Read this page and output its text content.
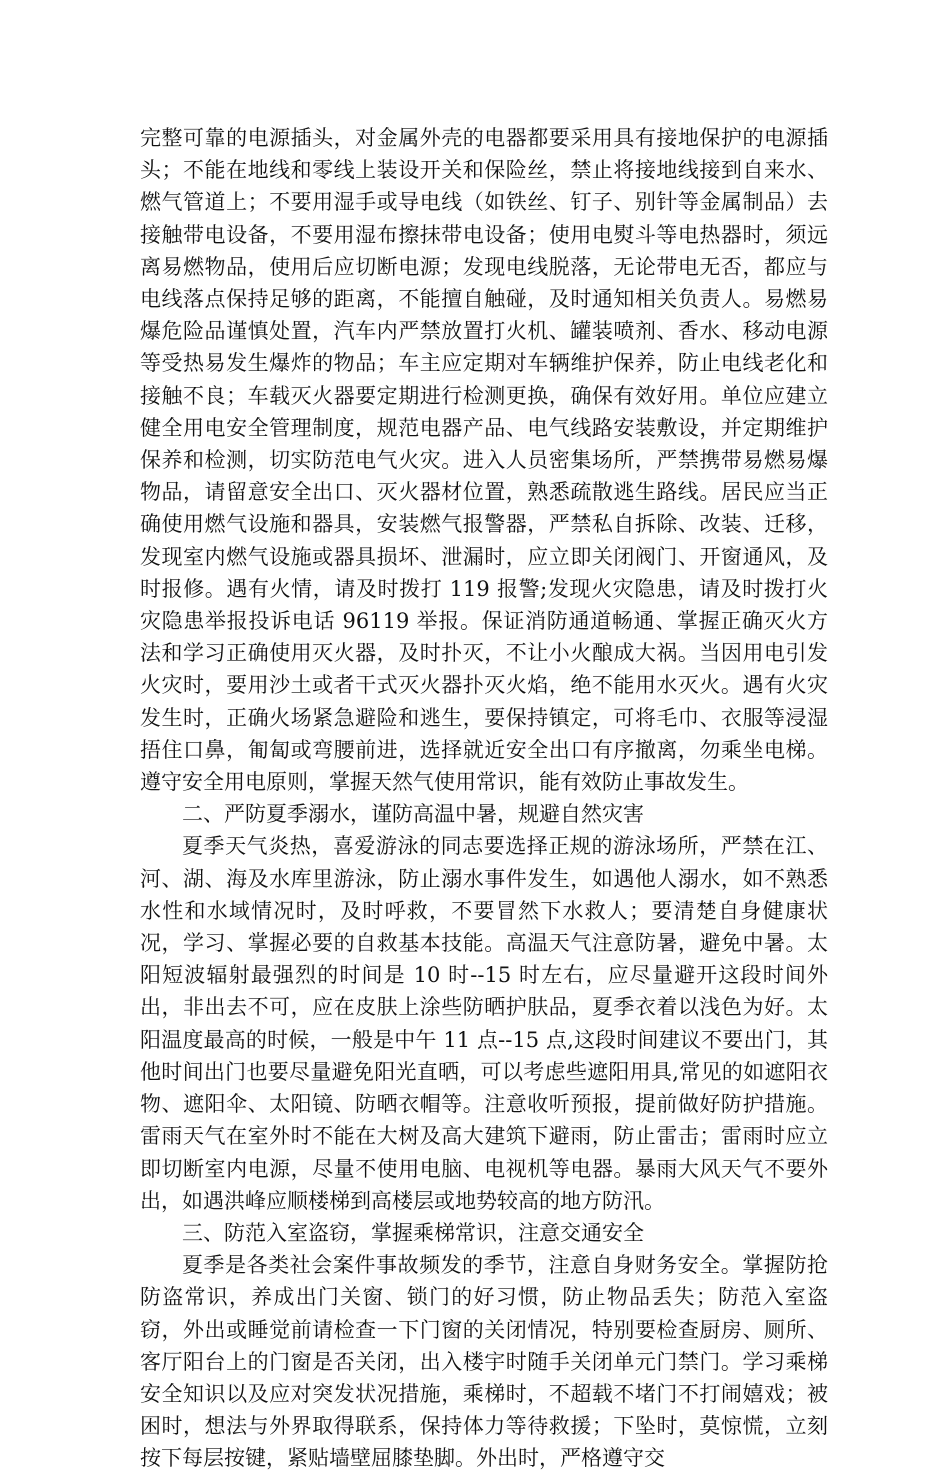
完整可靠的电源插头，对金属外壳的电器都要采用具有接地保护的电源插头；不能在地线和零线上装设开关和保险丝，禁止将接地线接到自来水、燃气管道上；不要用湿手或导电线（如铁丝、钉子、别针等金属制品）去接触带电设备，不要用湿布擦抹带电设备；使用电熨斗等电热器时，须远离易燃物品，使用后应切断电源；发现电线脱落，无论带电无否，都应与电线落点保持足够的距离，不能擅自触碰，及时通知相关负责人。易燃易爆危险品谨慎处置，汽车内严禁放置打火机、罐装喷剂、香水、移动电源等受热易发生爆炸的物品；车主应定期对车辆维护保养，防止电线老化和接触不良；车载灭火器要定期进行检测更换，确保有效好用。单位应建立健全用电安全管理制度，规范电器产品、电气线路安装敷设，并定期维护保养和检测，切实防范电气火灾。进入人员密集场所，严禁携带易燃易爆物品，请留意安全出口、灭火器材位置，熟悉疏散逃生路线。居民应当正确使用燃气设施和器具，安装燃气报警器，严禁私自拆除、改装、迁移，发现室内燃气设施或器具损坏、泄漏时，应立即关闭阀门、开窗通风，及时报修。遇有火情，请及时拨打 119 报警;发现火灾隐患，请及时拨打火灾隐患举报投诉电话 96119 举报。保证消防通道畅通、掌握正确灭火方法和学习正确使用灭火器，及时扑灭，不让小火酿成大祸。当因用电引发火灾时，要用沙土或者干式灭火器扑灭火焰，绝不能用水灭火。遇有火灾发生时，正确火场紧急避险和逃生，要保持镇定，可将毛巾、衣服等浸湿捂住口鼻，匍匐或弯腰前进，选择就近安全出口有序撤离，勿乘坐电梯。遵守安全用电原则，掌握天然气使用常识，能有效防止事故发生。

二、严防夏季溺水，谨防高温中暑，规避自然灾害

夏季天气炎热，喜爱游泳的同志要选择正规的游泳场所，严禁在江、河、湖、海及水库里游泳，防止溺水事件发生，如遇他人溺水，如不熟悉水性和水域情况时，及时呼救，不要冒然下水救人；要清楚自身健康状况，学习、掌握必要的自救基本技能。高温天气注意防暑，避免中暑。太阳短波辐射最强烈的时间是 10 时--15 时左右，应尽量避开这段时间外出，非出去不可，应在皮肤上涂些防晒护肤品，夏季衣着以浅色为好。太阳温度最高的时候，一般是中午 11 点--15 点,这段时间建议不要出门，其他时间出门也要尽量避免阳光直晒，可以考虑些遮阳用具,常见的如遮阳衣物、遮阳伞、太阳镜、防晒衣帽等。注意收听预报，提前做好防护措施。雷雨天气在室外时不能在大树及高大建筑下避雨，防止雷击；雷雨时应立即切断室内电源，尽量不使用电脑、电视机等电器。暴雨大风天气不要外出，如遇洪峰应顺楼梯到高楼层或地势较高的地方防汛。

三、防范入室盗窃，掌握乘梯常识，注意交通安全

夏季是各类社会案件事故频发的季节，注意自身财务安全。掌握防抢防盗常识，养成出门关窗、锁门的好习惯，防止物品丢失；防范入室盗窃，外出或睡觉前请检查一下门窗的关闭情况，特别要检查厨房、厕所、客厅阳台上的门窗是否关闭，出入楼宇时随手关闭单元门禁门。学习乘梯安全知识以及应对突发状况措施，乘梯时，不超载不堵门不打闹嬉戏；被困时，想法与外界取得联系，保持体力等待救援；下坠时，莫惊慌，立刻按下每层按键，紧贴墙壁屈膝垫脚。外出时，严格遵守交
